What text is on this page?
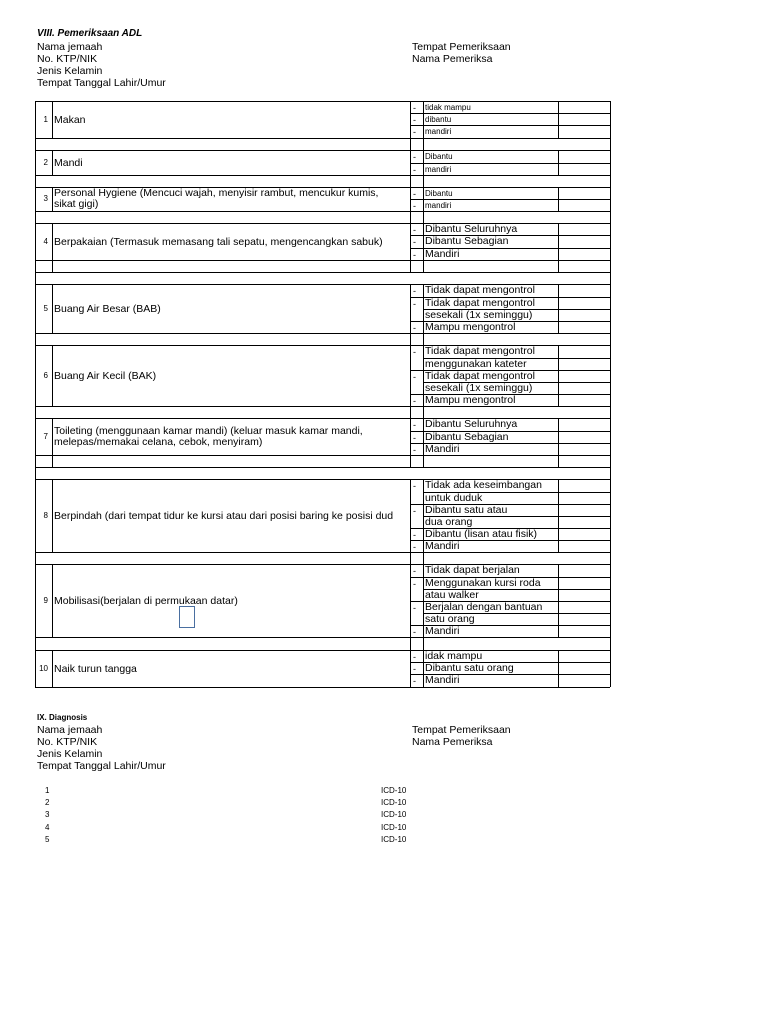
VIII. Pemeriksaan ADL
Nama jemaah
No. KTP/NIK
Jenis Kelamin
Tempat Tanggal Lahir/Umur
Tempat Pemeriksaan
Nama Pemeriksa
1 Makan
- tidak mampu
- dibantu
- mandiri
2 Mandi	- Dibantu
- mandiri
3 Personal Hygiene (Mencuci wajah, menyisir rambut, mencukur kumis,
sikat gigi)
- Dibantu
- mandiri
4 Berpakaian (Termasuk memasang tali sepatu, mengencangkan sabuk)
- Dibantu Seluruhnya
- Dibantu Sebagian
- Mandiri
5 Buang Air Besar (BAB)
- Tidak dapat mengontrol
- Tidak dapat mengontrol
sesekali (1x seminggu)
- Mampu mengontrol
6 Buang Air Kecil (BAK)
- Tidak dapat mengontrol
menggunakan kateter
- Tidak dapat mengontrol
sesekali (1x seminggu)
- Mampu mengontrol
7 Toileting (menggunaan kamar mandi) (keluar masuk kamar mandi,
melepas/memakai celana, cebok, menyiram)
- Dibantu Seluruhnya
- Dibantu Sebagian
- Mandiri
8 Berpindah (dari tempat tidur ke kursi atau dari posisi baring ke posisi dud
- Tidak ada keseimbangan
untuk duduk
- Dibantu satu atau
dua orang
- Dibantu (lisan atau fisik)
- Mandiri
9 Mobilisasi(berjalan di permukaan datar)
- Tidak dapat berjalan
- Menggunakan kursi roda
atau walker
- Berjalan dengan bantuan
satu orang
- Mandiri
10 Naik turun tangga
- idak mampu
- Dibantu satu orang
- Mandiri
IX. Diagnosis
Nama jemaah
No. KTP/NIK
Jenis Kelamin
Tempat Tanggal Lahir/Umur
Tempat Pemeriksaan
Nama Pemeriksa
1	ICD-10
2	ICD-10
3	ICD-10
4	ICD-10
5	ICD-10
